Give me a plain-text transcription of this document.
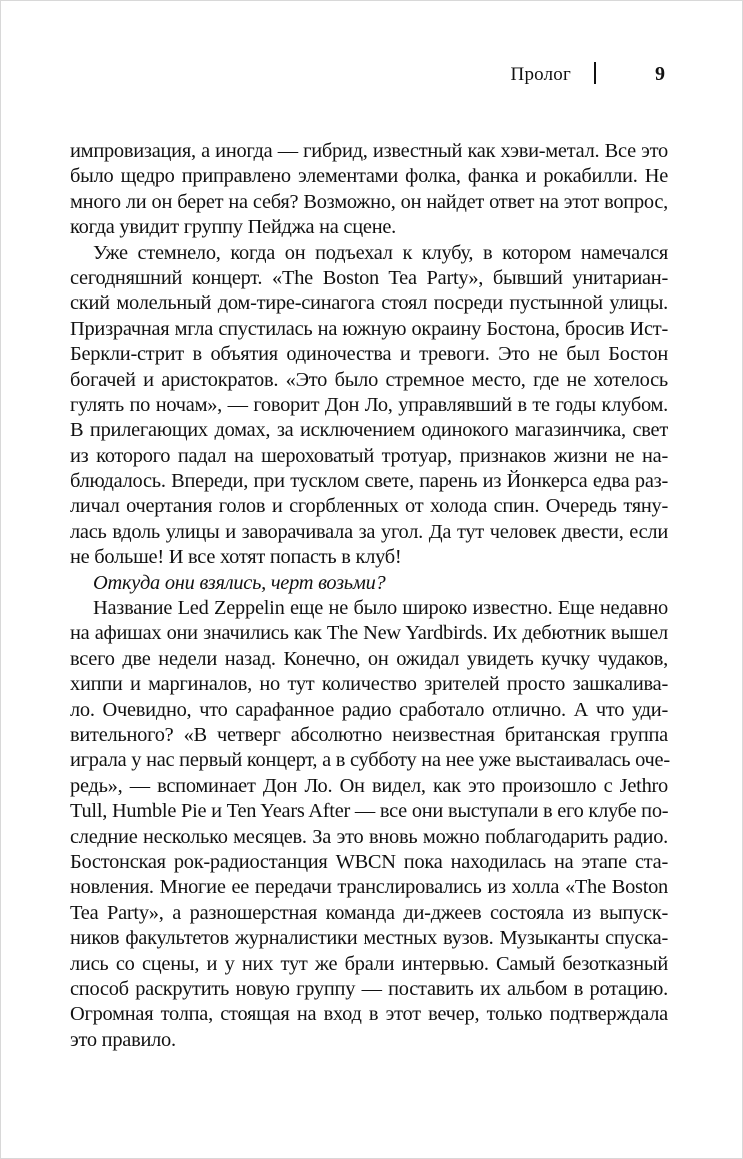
Пролог	9
импровизация, а иногда — гибрид, известный как хэви-метал. Все это
было щедро приправлено элементами фолка, фанка и рокабилли. Не
много ли он берет на себя? Возможно, он найдет ответ на этот вопрос,
когда увидит группу Пейджа на сцене.
Уже стемнело, когда он подъехал к клубу, в котором намечался
сегодняшний концерт. «The Boston Tea Party», бывший унитариан-
ский молельный дом-тире-синагога стоял посреди пустынной улицы.
Призрачная мгла спустилась на южную окраину Бостона, бросив Ист-
Беркли-стрит в объятия одиночества и тревоги. Это не был Бостон
богачей и аристократов. «Это было стремное место, где не хотелось
гулять по ночам», — говорит Дон Ло, управлявший в те годы клубом.
В прилегающих домах, за исключением одинокого магазинчика, свет
из которого падал на шероховатый тротуар, признаков жизни не на-
блюдалось. Впереди, при тусклом свете, парень из Йонкерса едва раз-
личал очертания голов и сгорбленных от холода спин. Очередь тяну-
лась вдоль улицы и заворачивала за угол. Да тут человек двести, если
не больше! И все хотят попасть в клуб!
Откуда они взялись, черт возьми?
Название Led Zeppelin еще не было широко известно. Еще недавно
на афишах они значились как The New Yardbirds. Их дебютник вышел
всего две недели назад. Конечно, он ожидал увидеть кучку чудаков,
хиппи и маргиналов, но тут количество зрителей просто зашкалива-
ло. Очевидно, что сарафанное радио сработало отлично. А что уди-
вительного? «В четверг абсолютно неизвестная британская группа
играла у нас первый концерт, а в субботу на нее уже выстаивалась оче-
редь», — вспоминает Дон Ло. Он видел, как это произошло с Jethro
Tull, Humble Pie и Ten Years After — все они выступали в его клубе по-
следние несколько месяцев. За это вновь можно поблагодарить радио.
Бостонская рок-радиостанция WBCN пока находилась на этапе ста-
новления. Многие ее передачи транслировались из холла «The Boston
Tea Party», а разношерстная команда ди-джеев состояла из выпуск-
ников факультетов журналистики местных вузов. Музыканты спуска-
лись со сцены, и у них тут же брали интервью. Самый безотказный
способ раскрутить новую группу — поставить их альбом в ротацию.
Огромная толпа, стоящая на вход в этот вечер, только подтверждала
это правило.
